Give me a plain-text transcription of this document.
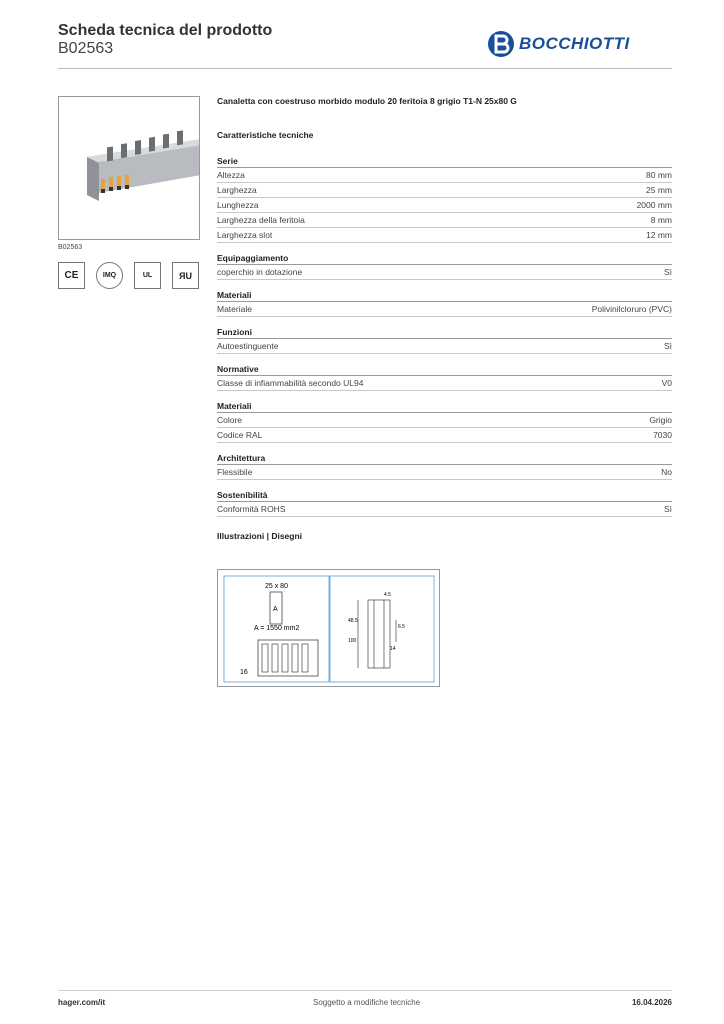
Scheda tecnica del prodotto
B02563	BOCCHIOTTI
B02563
CE	IMQ	UL	ЯU
Canaletta con coestruso morbido modulo 20 feritoia 8 grigio T1-N 25x80 G
Caratteristiche tecniche
Serie
Altezza	80 mm
Larghezza	25 mm
Lunghezza	2000 mm
Larghezza della feritoia	8 mm
Larghezza slot	12 mm
Equipaggiamento
coperchio in dotazione	Sì
Materiali
Materiale	Polivinilcloruro (PVC)
Funzioni
Autoestinguente	Sì
Normative
Classe di infiammabilità secondo UL94	V0
Materiali
Colore	Grigio
Codice RAL	7030
Architettura
Flessibile	No
Sostenibilità
Conformità ROHS	Sì
Illustrazioni | Disegni
25 x 80
A
A = 1550 mm2
16
4.5
48.5
100
6.5
14
hager.com/it	Soggetto a modifiche tecniche	16.04.2026
